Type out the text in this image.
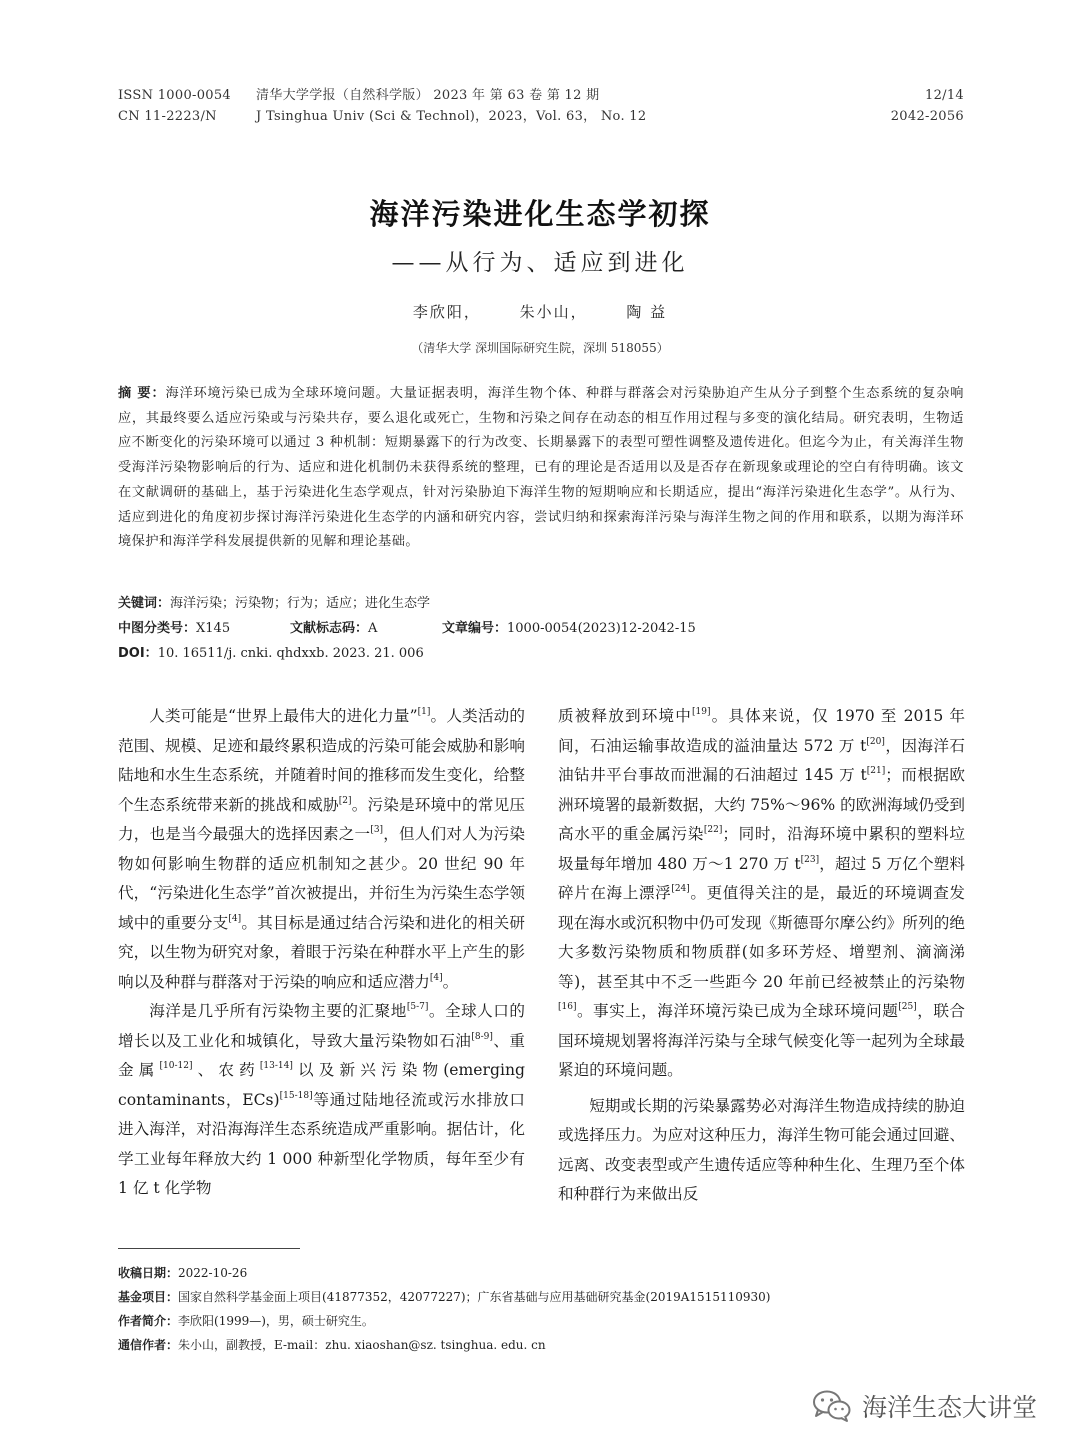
ISSN 1000-0054
CN 11-2223/N
清华大学学报（自然科学版） 2023 年 第 63 卷 第 12 期
J Tsinghua Univ (Sci & Technol)，2023，Vol. 63， No. 12
12/14
2042-2056
海洋污染进化生态学初探
——从行为、适应到进化
李欣阳，	朱小山，	陶 益
（清华大学 深圳国际研究生院，深圳 518055）
摘 要：海洋环境污染已成为全球环境问题。大量证据表明，海洋生物个体、种群与群落会对污染胁迫产生从分子到整个生态系统的复杂响应，其最终要么适应污染或与污染共存，要么退化或死亡，生物和污染之间存在动态的相互作用过程与多变的演化结局。研究表明，生物适应不断变化的污染环境可以通过 3 种机制：短期暴露下的行为改变、长期暴露下的表型可塑性调整及遗传进化。但迄今为止，有关海洋生物受海洋污染物影响后的行为、适应和进化机制仍未获得系统的整理，已有的理论是否适用以及是否存在新现象或理论的空白有待明确。该文在文献调研的基础上，基于污染进化生态学观点，针对污染胁迫下海洋生物的短期响应和长期适应，提出“海洋污染进化生态学”。从行为、适应到进化的角度初步探讨海洋污染进化生态学的内涵和研究内容，尝试归纳和探索海洋污染与海洋生物之间的作用和联系，以期为海洋环境保护和海洋学科发展提供新的见解和理论基础。
关键词：海洋污染；污染物；行为；适应；进化生态学
中图分类号：X145	文献标志码：A	文章编号：1000-0054(2023)12-2042-15
DOI：10. 16511/j. cnki. qhdxxb. 2023. 21. 006

人类可能是“世界上最伟大的进化力量”[1]。人类活动的范围、规模、足迹和最终累积造成的污染可能会威胁和影响陆地和水生生态系统，并随着时间的推移而发生变化，给整个生态系统带来新的挑战和威胁[2]。污染是环境中的常见压力，也是当今最强大的选择因素之一[3]，但人们对人为污染物如何影响生物群的适应机制知之甚少。20 世纪 90 年代，“污染进化生态学”首次被提出，并衍生为污染生态学领域中的重要分支[4]。其目标是通过结合污染和进化的相关研究，以生物为研究对象，着眼于污染在种群水平上产生的影响以及种群与群落对于污染的响应和适应潜力[4]。

海洋是几乎所有污染物主要的汇聚地[5-7]。全球人口的增长以及工业化和城镇化，导致大量污染物如石油[8-9]、重金属[10-12]、农药[13-14]以及新兴污染物(emerging contaminants，ECs)[15-18]等通过陆地径流或污水排放口进入海洋，对沿海海洋生态系统造成严重影响。据估计，化学工业每年释放大约 1 000 种新型化学物质，每年至少有 1 亿 t 化学物

质被释放到环境中[19]。具体来说，仅 1970 至 2015 年间，石油运输事故造成的溢油量达 572 万 t[20]，因海洋石油钻井平台事故而泄漏的石油超过 145 万 t[21]；而根据欧洲环境署的最新数据，大约 75%～96% 的欧洲海域仍受到高水平的重金属污染[22]；同时，沿海环境中累积的塑料垃圾量每年增加 480 万～1 270 万 t[23]，超过 5 万亿个塑料碎片在海上漂浮[24]。更值得关注的是，最近的环境调查发现在海水或沉积物中仍可发现《斯德哥尔摩公约》所列的绝大多数污染物质和物质群(如多环芳烃、增塑剂、滴滴涕等)，甚至其中不乏一些距今 20 年前已经被禁止的污染物[16]。事实上，海洋环境污染已成为全球环境问题[25]，联合国环境规划署将海洋污染与全球气候变化等一起列为全球最紧迫的环境问题。

短期或长期的污染暴露势必对海洋生物造成持续的胁迫或选择压力。为应对这种压力，海洋生物可能会通过回避、远离、改变表型或产生遗传适应等种种生化、生理乃至个体和种群行为来做出反

收稿日期：2022-10-26
基金项目：国家自然科学基金面上项目(41877352，42077227)；广东省基础与应用基础研究基金(2019A1515110930)
作者简介：李欣阳(1999—)，男，硕士研究生。
通信作者：朱小山，副教授，E-mail：zhu. xiaoshan@sz. tsinghua. edu. cn
海洋生态大讲堂
